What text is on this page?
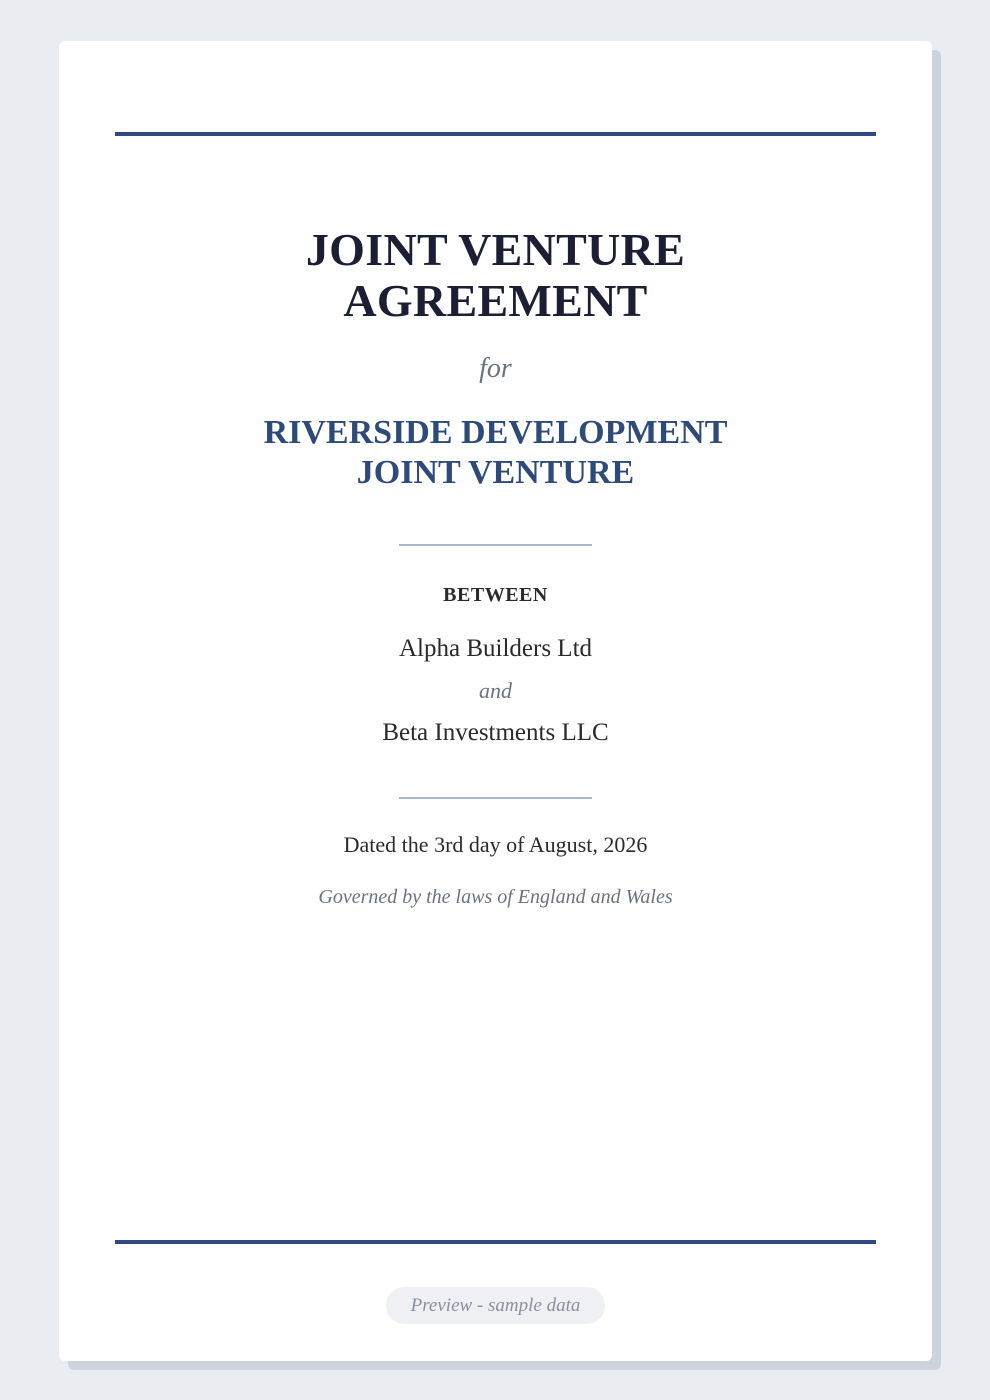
JOINT VENTURE
AGREEMENT
for
RIVERSIDE DEVELOPMENT
JOINT VENTURE
BETWEEN
Alpha Builders Ltd
and
Beta Investments LLC
Dated the 3rd day of August, 2026
Governed by the laws of England and Wales
Preview - sample data
